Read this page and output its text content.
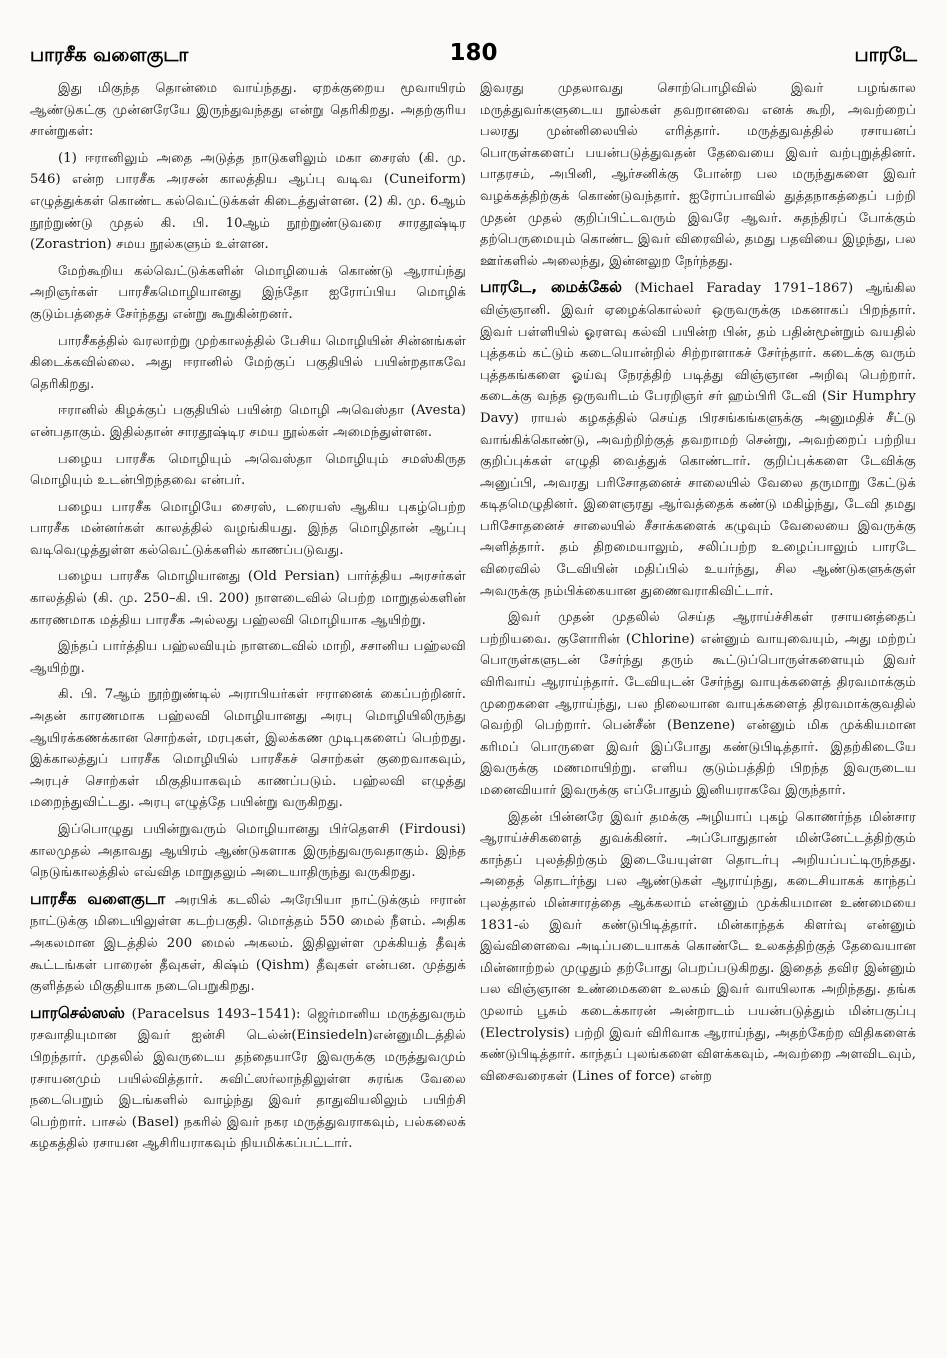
பாரசீக வளைகுடா	180	பாரடே

இது மிகுந்த தொன்மை வாய்ந்தது. ஏறக்குறைய மூவாயிரம் ஆண்டுகட்கு முன்னரேயே இருந்துவந்தது என்று தெரிகிறது. அதற்குரிய சான்றுகள்:

(1) ஈரானிலும் அதை அடுத்த நாடுகளிலும் மகா சைரஸ் (கி. மு. 546) என்ற பாரசீக அரசன் காலத்திய ஆப்பு வடிவ (Cuneiform) எழுத்துக்கள் கொண்ட கல்வெட்டுக்கள் கிடைத்துள்ளன. (2) கி. மு. 6ஆம் நூற்றுண்டு முதல் கி. பி. 10ஆம் நூற்றுண்டுவரை சாரதூஷ்டிர (Zorastrion) சமய நூல்களும் உள்ளன.

மேற்கூறிய கல்வெட்டுக்களின் மொழியைக் கொண்டு ஆராய்ந்து அறிஞர்கள் பாரசீகமொழியானது இந்தோ ஐரோப்பிய மொழிக் குடும்பத்தைச் சேர்ந்தது என்று கூறுகின்றனர்.

பாரசீகத்தில் வரலாற்று முற்காலத்தில் பேசிய மொழியின் சின்னங்கள் கிடைக்கவில்லை. அது ஈரானில் மேற்குப் பகுதியில் பயின்றதாகவே தெரிகிறது.

ஈரானில் கிழக்குப் பகுதியில் பயின்ற மொழி அவெஸ்தா (Avesta) என்பதாகும். இதில்தான் சாரதூஷ்டிர சமய நூல்கள் அமைந்துள்ளன.

பழைய பாரசீக மொழியும் அவெஸ்தா மொழியும் சமஸ்கிருத மொழியும் உடன்பிறந்தவை என்பர்.

பழைய பாரசீக மொழியே சைரஸ், டரையஸ் ஆகிய புகழ்பெற்ற பாரசீக மன்னர்கள் காலத்தில் வழங்கியது. இந்த மொழிதான் ஆப்பு வடிவெழுத்துள்ள கல்வெட்டுக்களில் காணப்படுவது.

பழைய பாரசீக மொழியானது (Old Persian) பார்த்திய அரசர்கள் காலத்தில் (கி. மு. 250–கி. பி. 200) நாளடைவில் பெற்ற மாறுதல்களின் காரணமாக மத்திய பாரசீக அல்லது பஹ்லவி மொழியாக ஆயிற்று.

இந்தப் பார்த்திய பஹ்லவியும் நாளடைவில் மாறி, சசானிய பஹ்லவி ஆயிற்று.

கி. பி. 7ஆம் நூற்றுண்டில் அராபியர்கள் ஈரானைக் கைப்பற்றினர். அதன் காரணமாக பஹ்லவி மொழியானது அரபு மொழியிலிருந்து ஆயிரக்கணக்கான சொற்கள், மரபுகள், இலக்கண முடிபுகளைப் பெற்றது. இக்காலத்துப் பாரசீக மொழியில் பாரசீகச் சொற்கள் குறைவாகவும், அரபுச் சொற்கள் மிகுதியாகவும் காணப்படும். பஹ்லவி எழுத்து மறைந்துவிட்டது. அரபு எழுத்தே பயின்று வருகிறது.

இப்பொழுது பயின்றுவரும் மொழியானது பிர்தௌசி (Firdousi) காலமுதல் அதாவது ஆயிரம் ஆண்டுகளாக இருந்துவருவதாகும். இந்த நெடுங்காலத்தில் எவ்வித மாறுதலும் அடையாதிருந்து வருகிறது.

பாரசீக வளைகுடா அரபிக் கடலில் அரேபியா நாட்டுக்கும் ஈரான் நாட்டுக்கு மிடையிலுள்ள கடற்பகுதி. மொத்தம் 550 மைல் நீளம். அதிக அகலமான இடத்தில் 200 மைல் அகலம். இதிலுள்ள முக்கியத் தீவுக் கூட்டங்கள் பாரைன் தீவுகள், கிஷ்ம் (Qishm) தீவுகள் என்பன. முத்துக் குளித்தல் மிகுதியாக நடைபெறுகிறது.

பாரசெல்ஸஸ் (Paracelsus 1493–1541): ஜெர்மானிய மருத்துவரும் ரசவாதியுமான இவர் ஐன்சி டெல்ன்(Einsiedeln)என்னுமிடத்தில் பிறந்தார். முதலில் இவருடைய தந்தையாரே இவருக்கு மருத்துவமும் ரசாயனமும் பயில்வித்தார். சுவிட்ஸர்லாந்திலுள்ள சுரங்க வேலை நடைபெறும் இடங்களில் வாழ்ந்து இவர் தாதுவியலிலும் பயிற்சி பெற்றார். பாசல் (Basel) நகரில் இவர் நகர மருத்துவராகவும், பல்கலைக் கழகத்தில் ரசாயன ஆசிரியராகவும் நியமிக்கப்பட்டார்.

இவரது முதலாவது சொற்பொழிவில் இவர் பழங்கால மருத்துவர்களுடைய நூல்கள் தவறானவை எனக் கூறி, அவற்றைப் பலரது முன்னிலையில் எரித்தார். மருத்துவத்தில் ரசாயனப் பொருள்களைப் பயன்படுத்துவதன் தேவையை இவர் வற்புறுத்தினர். பாதரசம், அபினி, ஆர்சனிக்கு போன்ற பல மருந்துகளை இவர் வழக்கத்திற்குக் கொண்டுவந்தார். ஐரோப்பாவில் துத்தநாகத்தைப் பற்றி முதன் முதல் குறிப்பிட்டவரும் இவரே ஆவர். சுதந்திரப் போக்கும் தற்பெருமையும் கொண்ட இவர் விரைவில், தமது பதவியை இழந்து, பல ஊர்களில் அலைந்து, இன்னலுற நேர்ந்தது.

பாரடே, மைக்கேல் (Michael Faraday 1791–1867) ஆங்கில விஞ்ஞானி. இவர் ஏழைக்கொல்லர் ஒருவருக்கு மகனாகப் பிறந்தார். இவர் பள்ளியில் ஓரளவு கல்வி பயின்ற பின், தம் பதின்மூன்றும் வயதில் புத்தகம் கட்டும் கடையொன்றில் சிற்றாளாகச் சேர்ந்தார். கடைக்கு வரும் புத்தகங்களை ஓய்வு நேரத்திற் படித்து விஞ்ஞான அறிவு பெற்றார். கடைக்கு வந்த ஒருவரிடம் பேரறிஞர் சர் ஹம்பிரி டேவி (Sir Humphry Davy) ராயல் கழகத்தில் செய்த பிரசங்கங்களுக்கு அனுமதிச் சீட்டு வாங்கிக்கொண்டு, அவற்றிற்குத் தவறாமற் சென்று, அவற்றைப் பற்றிய குறிப்புக்கள் எழுதி வைத்துக் கொண்டார். குறிப்புக்களை டேவிக்கு அனுப்பி, அவரது பரிசோதனைச் சாலையில் வேலை தருமாறு கேட்டுக் கடிதமெழுதினர். இளைஞரது ஆர்வத்தைக் கண்டு மகிழ்ந்து, டேவி தமது பரிசோதனைச் சாலையில் சீசாக்களைக் கழுவும் வேலையை இவருக்கு அளித்தார். தம் திறமையாலும், சலிப்பற்ற உழைப்பாலும் பாரடே விரைவில் டேவியின் மதிப்பில் உயர்ந்து, சில ஆண்டுகளுக்குள் அவருக்கு நம்பிக்கையான துணைவராகிவிட்டார்.

இவர் முதன் முதலில் செய்த ஆராய்ச்சிகள் ரசாயனத்தைப் பற்றியவை. குளோரின் (Chlorine) என்னும் வாயுவையும், அது மற்றப் பொருள்களுடன் சேர்ந்து தரும் கூட்டுப்பொருள்களையும் இவர் விரிவாய் ஆராய்ந்தார். டேவியுடன் சேர்ந்து வாயுக்களைத் திரவமாக்கும் முறைகளை ஆராய்ந்து, பல நிலையான வாயுக்களைத் திரவமாக்குவதில் வெற்றி பெற்றார். பென்சீன் (Benzene) என்னும் மிக முக்கியமான கரிமப் பொருளை இவர் இப்போது கண்டுபிடித்தார். இதற்கிடையே இவருக்கு மணமாயிற்று. எளிய குடும்பத்திற் பிறந்த இவருடைய மனைவியார் இவருக்கு எப்போதும் இனியராகவே இருந்தார்.

இதன் பின்னரே இவர் தமக்கு அழியாப் புகழ் கொணர்ந்த மின்சார ஆராய்ச்சிகளைத் துவக்கினர். அப்போதுதான் மின்னேட்டத்திற்கும் காந்தப் புலத்திற்கும் இடையேயுள்ள தொடர்பு அறியப்பட்டிருந்தது. அதைத் தொடர்ந்து பல ஆண்டுகள் ஆராய்ந்து, கடைசியாகக் காந்தப் புலத்தால் மின்சாரத்தை ஆக்கலாம் என்னும் முக்கியமான உண்மையை 1831-ல் இவர் கண்டுபிடித்தார். மின்காந்தக் கிளர்வு என்னும் இவ்விளைவை அடிப்படையாகக் கொண்டே உலகத்திற்குத் தேவையான மின்னாற்றல் முழுதும் தற்போது பெறப்படுகிறது. இதைத் தவிர இன்னும் பல விஞ்ஞான உண்மைகளை உலகம் இவர் வாயிலாக அறிந்தது. தங்க முலாம் பூசும் கடைக்காரன் அன்றாடம் பயன்படுத்தும் மின்பகுப்பு (Electrolysis) பற்றி இவர் விரிவாக ஆராய்ந்து, அதற்கேற்ற விதிகளைக் கண்டுபிடித்தார். காந்தப் புலங்களை விளக்கவும், அவற்றை அளவிடவும், விசைவரைகள் (Lines of force) என்ற
